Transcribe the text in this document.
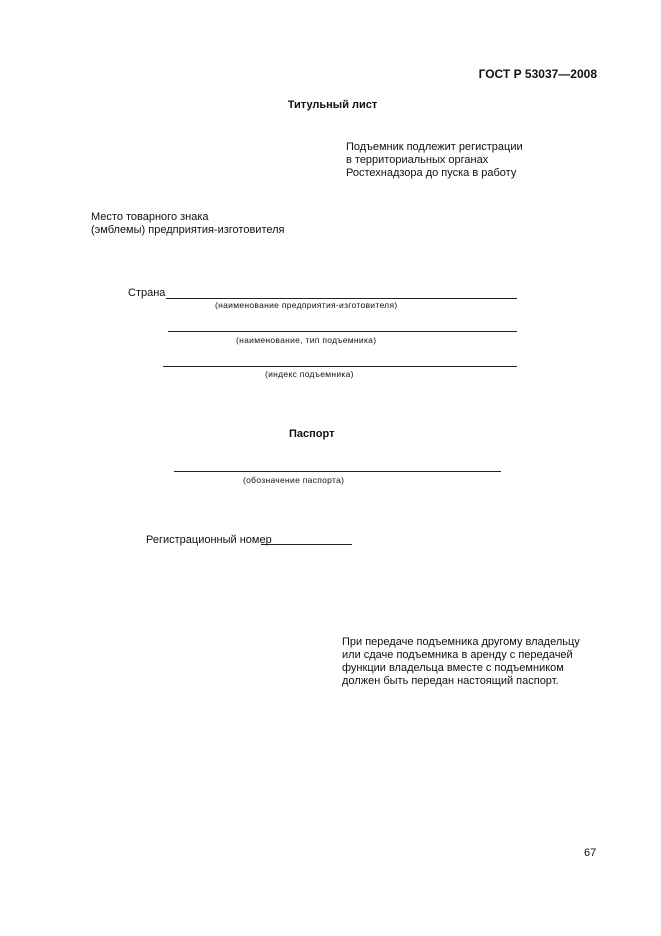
ГОСТ Р 53037—2008
Титульный лист
Подъемник подлежит регистрации
в территориальных органах
Ростехнадзора до пуска в работу
Место товарного знака
(эмблемы) предприятия-изготовителя
Страна
(наименование предприятия-изготовителя)
(наименование, тип подъемника)
(индекс подъемника)
Паспорт
(обозначение паспорта)
Регистрационный номер
При передаче подъемника другому владельцу
или сдаче подъемника в аренду с передачей
функции владельца вместе с подъемником
должен быть передан настоящий паспорт.
67
